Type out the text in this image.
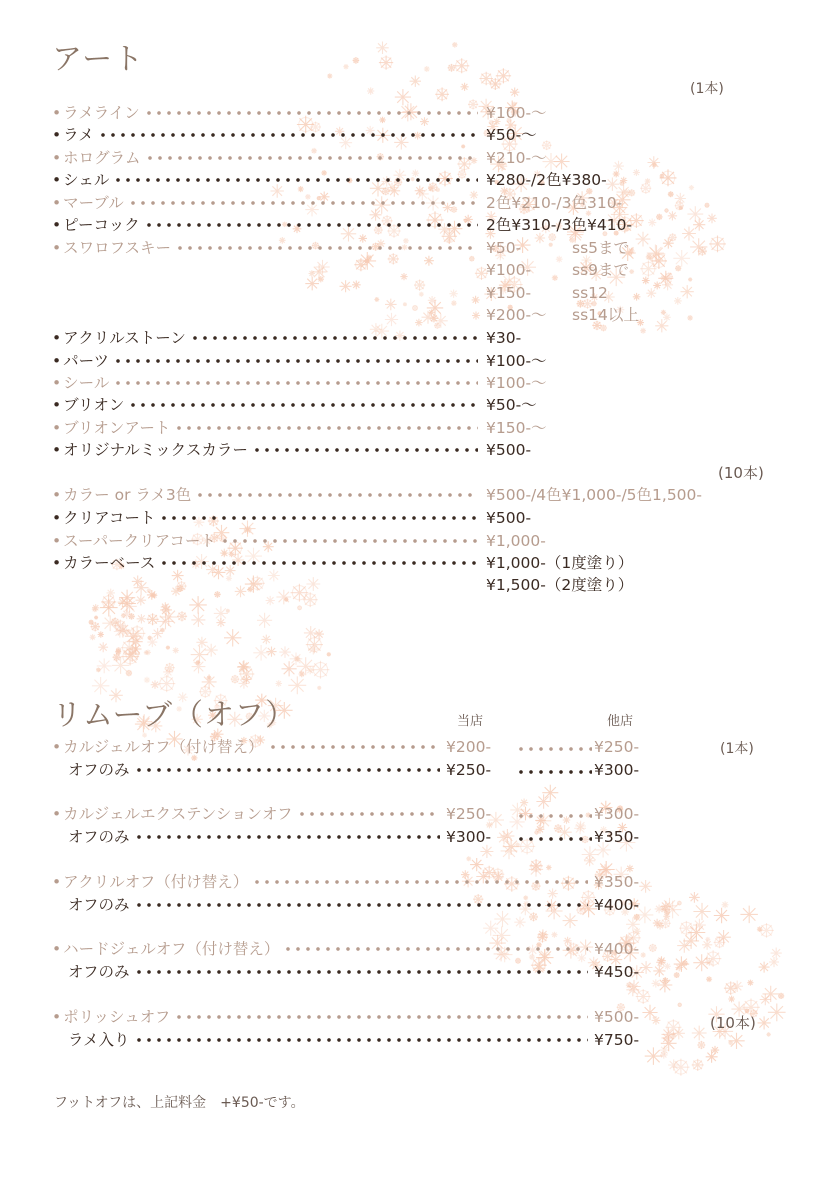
アート
(1本)
• ラメライン	¥100-～
• ラメ	¥50-～
• ホログラム	¥210-～
• シェル	¥280-/2色¥380-
• マーブル	2色¥210-/3色310-
• ピーコック	2色¥310-/3色¥410-
• スワロフスキー	¥50-	ss5まで
¥100-	ss9まで
¥150-	ss12
¥200-～ ss14以上
• アクリルストーン	¥30-
• パーツ	¥100-～
• シール	¥100-～
• ブリオン	¥50-～
• ブリオンアート	¥150-～
• オリジナルミックスカラー	¥500-
• カラー or ラメ3色	¥500-/4色¥1,000-/5色1,500-
• クリアコート	¥500-
• スーパークリアコート	¥1,000-
• カラーベース	¥1,000-（1度塗り）
¥1,500-（2度塗り）
(10本)
リムーブ（オフ）	当店	他店
(1本)
(10本)
• カルジェルオフ（付け替え）	¥200-	¥250-
オフのみ	¥250-	¥300-
• カルジェルエクステンションオフ	¥250-	¥300-
オフのみ	¥300-	¥350-
• アクリルオフ（付け替え）	¥350-
オフのみ	¥400-
• ハードジェルオフ（付け替え）	¥400-
オフのみ	¥450-
• ポリッシュオフ	¥500-
ラメ入り	¥750-
フットオフは、上記料金　+¥50-です。
